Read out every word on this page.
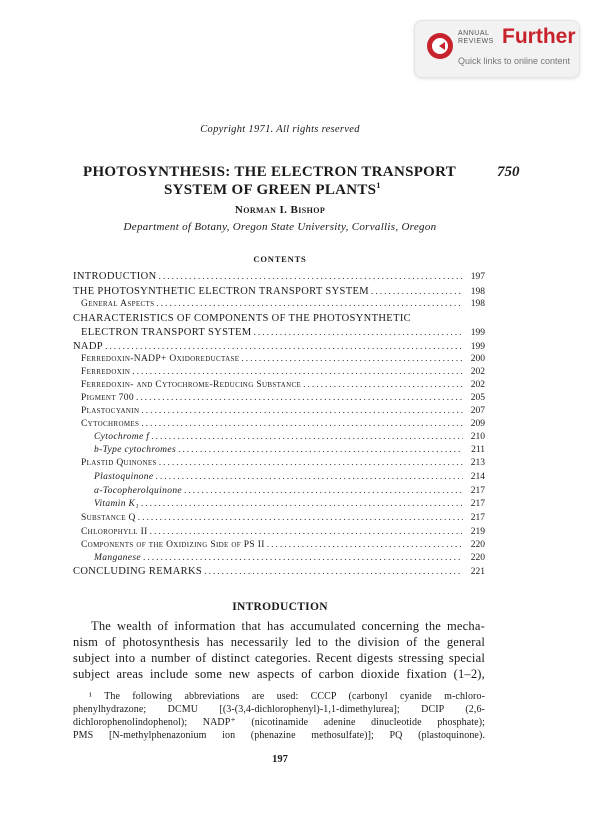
ANNUAL REVIEWS Further
Quick links to online content
Copyright 1971. All rights reserved
PHOTOSYNTHESIS: THE ELECTRON TRANSPORT	750
SYSTEM OF GREEN PLANTS$^1$
Norman I. Bishop
Department of Botany, Oregon State University, Corvallis, Oregon
CONTENTS
INTRODUCTION .....	197
THE PHOTOSYNTHETIC ELECTRON TRANSPORT SYSTEM .....	198
General Aspects .....	198
CHARACTERISTICS OF COMPONENTS OF THE PHOTOSYNTHETIC
ELECTRON TRANSPORT SYSTEM .....	199
NADP .....	199
Ferredoxin-NADP+ Oxidoreductase .....	200
Ferredoxin .....	202
Ferredoxin- and Cytochrome-Reducing Substance .....	202
Pigment 700 .....	205
Plastocyanin .....	207
Cytochromes .....	209
Cytochrome f .....	210
b-Type cytochromes .....	211
Plastid Quinones .....	213
Plastoquinone .....	214
α-Tocopherolquinone .....	217
Vitamin K₁ .....	217
Substance Q .....	217
Chlorophyll II .....	219
Components of the Oxidizing Side of PS II .....	220
Manganese .....	220
CONCLUDING REMARKS .....	221
INTRODUCTION
The wealth of information that has accumulated concerning the mecha-
nism of photosynthesis has necessarily led to the division of the general
subject into a number of distinct categories. Recent digests stressing special
subject areas include some new aspects of carbon dioxide fixation (1–2),
¹ The following abbreviations are used: CCCP (carbonyl cyanide m-chloro-
phenylhydrazone; DCMU [(3-(3,4-dichlorophenyl)-1,1-dimethylurea]; DCIP (2,6-
dichlorophenolindophenol); NADP⁺ (nicotinamide adenine dinucleotide phosphate);
PMS [N-methylphenazonium ion (phenazine methosulfate)]; PQ (plastoquinone).
197
